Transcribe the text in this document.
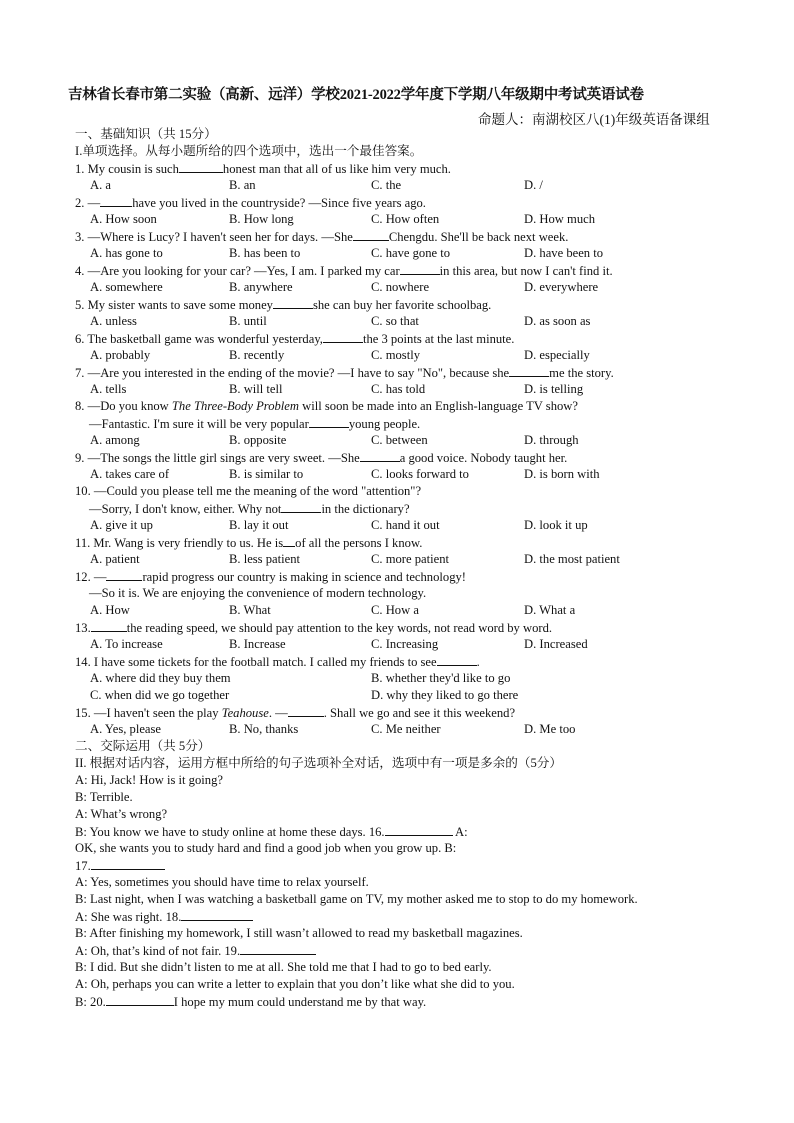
吉林省长春市第二实验（高新、远洋）学校2021-2022学年度下学期八年级期中考试英语试卷
命题人：南湖校区八(1)年级英语备课组
一、基础知识（共 15分）
I.单项选择。从每小题所给的四个选项中，选出一个最佳答案。
1. My cousin is such	honest man that all of us like him very much.
A. a	B. an	C. the	D. /
2. —	have you lived in the countryside? —Since five years ago.
A. How soon	B. How long	C. How often	D. How much
3. —Where is Lucy? I haven't seen her for days. —She	Chengdu. She'll be back next week.
A. has gone to	B. has been to	C. have gone to	D. have been to
4. —Are you looking for your car? —Yes, I am. I parked my car	in this area, but now I can't find it.
A. somewhere	B. anywhere	C. nowhere	D. everywhere
5. My sister wants to save some money	she can buy her favorite schoolbag.
A. unless	B. until	C. so that	D. as soon as
6. The basketball game was wonderful yesterday,	the 3 points at the last minute.
A. probably	B. recently	C. mostly	D. especially
7. —Are you interested in the ending of the movie? —I have to say "No", because she	me the story.
A. tells	B. will tell	C. has told	D. is telling
8. —Do you know The Three-Body Problem will soon be made into an English-language TV show?
—Fantastic. I'm sure it will be very popular	young people.
A. among	B. opposite	C. between	D. through
9. —The songs the little girl sings are very sweet. —She	a good voice. Nobody taught her.
A. takes care of	B. is similar to	C. looks forward to	D. is born with
10. —Could you please tell me the meaning of the word "attention"?
—Sorry, I don't know, either. Why not	in the dictionary?
A. give it up	B. lay it out	C. hand it out	D. look it up
11. Mr. Wang is very friendly to us. He is of all the persons I know.
A. patient	B. less patient	C. more patient	D. the most patient
12. —	rapid progress our country is making in science and technology!
—So it is. We are enjoying the convenience of modern technology.
A. How	B. What	C. How a	D. What a
13.	the reading speed, we should pay attention to the key words, not read word by word.
A. To increase	B. Increase	C. Increasing	D. Increased
14. I have some tickets for the football match. I called my friends to see	.
A. where did they buy them	B. whether they'd like to go
C. when did we go together	D. why they liked to go there
15. —I haven't seen the play Teahouse. —	. Shall we go and see it this weekend?
A. Yes, please	B. No, thanks	C. Me neither	D. Me too
二、交际运用（共 5分）
II. 根据对话内容，运用方框中所给的句子选项补全对话，选项中有一项是多余的（5分）
A: Hi, Jack! How is it going?
B: Terrible.
A: What’s wrong?
B: You know we have to study online at home these days. 16.	A:
OK, she wants you to study hard and find a good job when you grow up. B:
17.
A: Yes, sometimes you should have time to relax yourself.
B: Last night, when I was watching a basketball game on TV, my mother asked me to stop to do my homework.
A: She was right. 18.
B: After finishing my homework, I still wasn’t allowed to read my basketball magazines.
A: Oh, that’s kind of not fair. 19.
B: I did. But she didn’t listen to me at all. She told me that I had to go to bed early.
A: Oh, perhaps you can write a letter to explain that you don’t like what she did to you.
B: 20.	I hope my mum could understand me by that way.
